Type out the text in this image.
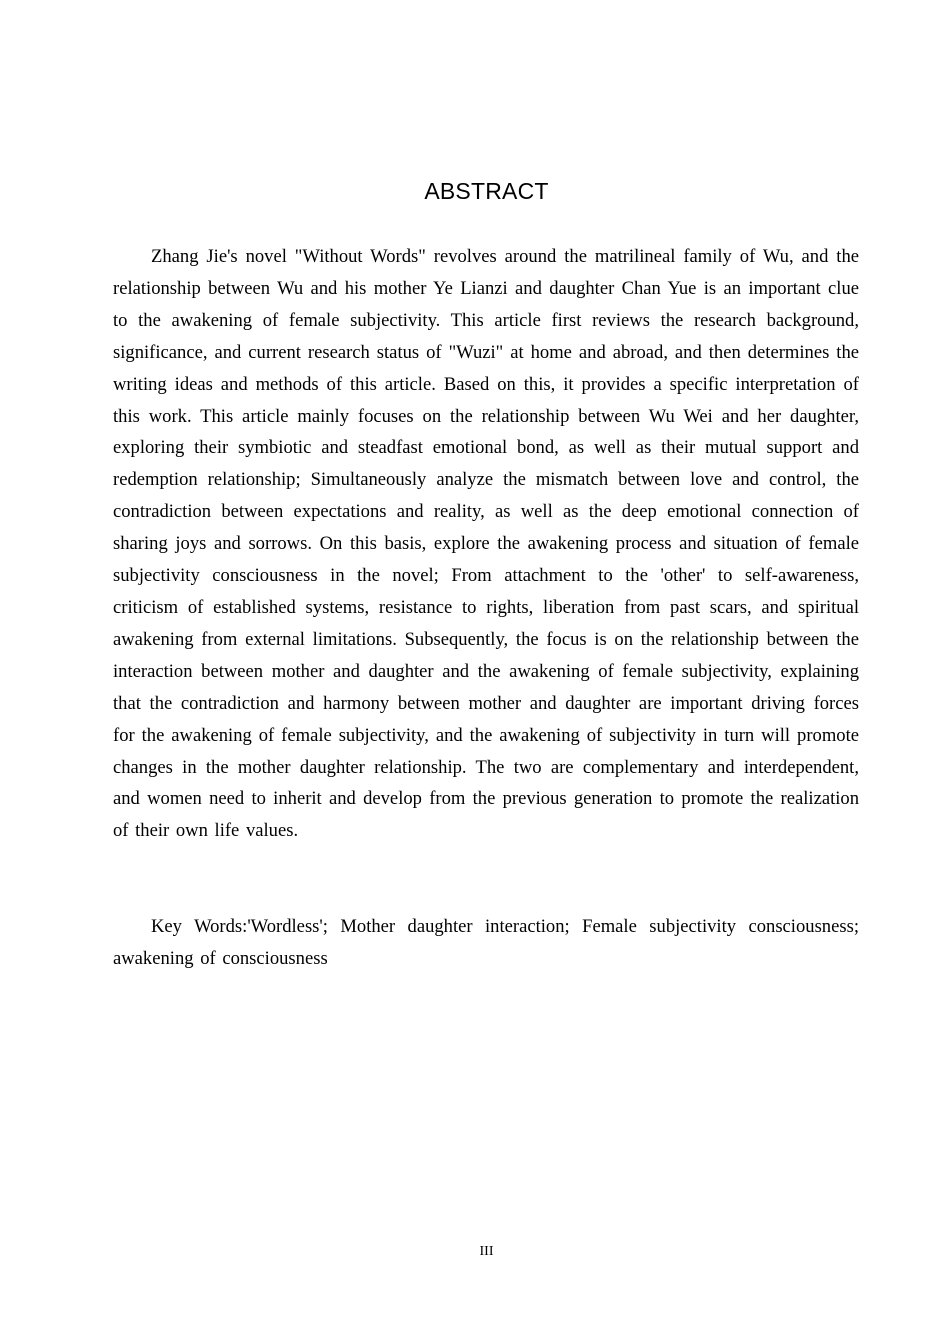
ABSTRACT

Zhang Jie's novel "Without Words" revolves around the matrilineal family of Wu, and the relationship between Wu and his mother Ye Lianzi and daughter Chan Yue is an important clue to the awakening of female subjectivity. This article first reviews the research background, significance, and current research status of "Wuzi" at home and abroad, and then determines the writing ideas and methods of this article. Based on this, it provides a specific interpretation of this work. This article mainly focuses on the relationship between Wu Wei and her daughter, exploring their symbiotic and steadfast emotional bond, as well as their mutual support and redemption relationship; Simultaneously analyze the mismatch between love and control, the contradiction between expectations and reality, as well as the deep emotional connection of sharing joys and sorrows. On this basis, explore the awakening process and situation of female subjectivity consciousness in the novel; From attachment to the 'other' to self-awareness, criticism of established systems, resistance to rights, liberation from past scars, and spiritual awakening from external limitations. Subsequently, the focus is on the relationship between the interaction between mother and daughter and the awakening of female subjectivity, explaining that the contradiction and harmony between mother and daughter are important driving forces for the awakening of female subjectivity, and the awakening of subjectivity in turn will promote changes in the mother daughter relationship. The two are complementary and interdependent, and women need to inherit and develop from the previous generation to promote the realization of their own life values.

Key Words:'Wordless'; Mother daughter interaction; Female subjectivity consciousness; awakening of consciousness

III
